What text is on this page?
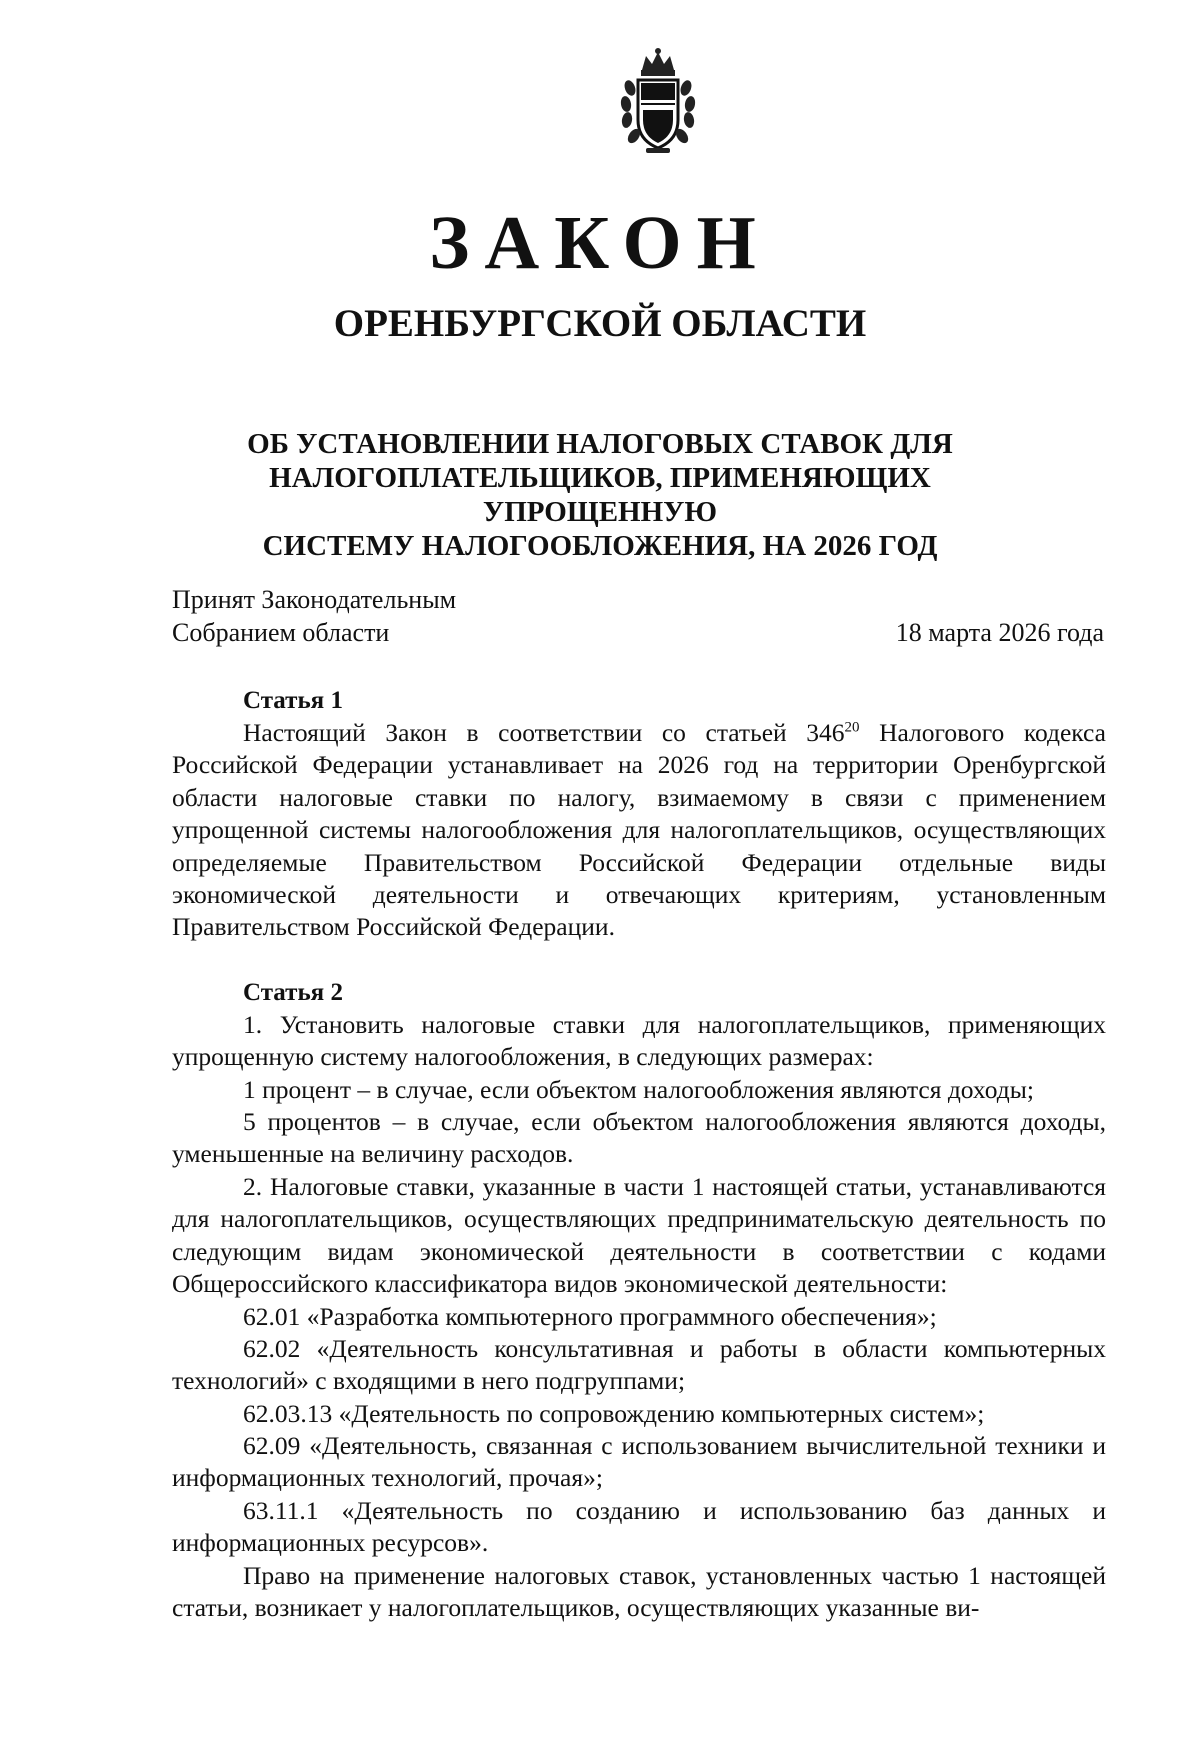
ЗАКОН
ОРЕНБУРГСКОЙ ОБЛАСТИ
ОБ УСТАНОВЛЕНИИ НАЛОГОВЫХ СТАВОК ДЛЯ
НАЛОГОПЛАТЕЛЬЩИКОВ, ПРИМЕНЯЮЩИХ УПРОЩЕННУЮ
СИСТЕМУ НАЛОГООБЛОЖЕНИЯ, НА 2026 ГОД
Принят Законодательным
Собранием области	18 марта 2026 года
Статья 1

Настоящий Закон в соответствии со статьей $346^{20}$ Налогового кодекса Российской Федерации устанавливает на 2026 год на территории Оренбургской области налоговые ставки по налогу, взимаемому в связи с применением упрощенной системы налогообложения для налогоплательщиков, осуществляющих определяемые Правительством Российской Федерации отдельные виды экономической деятельности и отвечающих критериям, установленным Правительством Российской Федерации.

Статья 2

1. Установить налоговые ставки для налогоплательщиков, применяющих упрощенную систему налогообложения, в следующих размерах:

1 процент – в случае, если объектом налогообложения являются доходы;

5 процентов – в случае, если объектом налогообложения являются доходы, уменьшенные на величину расходов.

2. Налоговые ставки, указанные в части 1 настоящей статьи, устанавливаются для налогоплательщиков, осуществляющих предпринимательскую деятельность по следующим видам экономической деятельности в соответствии с кодами Общероссийского классификатора видов экономической деятельности:

62.01 «Разработка компьютерного программного обеспечения»;

62.02 «Деятельность консультативная и работы в области компьютерных технологий» с входящими в него подгруппами;

62.03.13 «Деятельность по сопровождению компьютерных систем»;

62.09 «Деятельность, связанная с использованием вычислительной техники и информационных технологий, прочая»;

63.11.1 «Деятельность по созданию и использованию баз данных и информационных ресурсов».

Право на применение налоговых ставок, установленных частью 1 настоящей статьи, возникает у налогоплательщиков, осуществляющих указанные ви-
